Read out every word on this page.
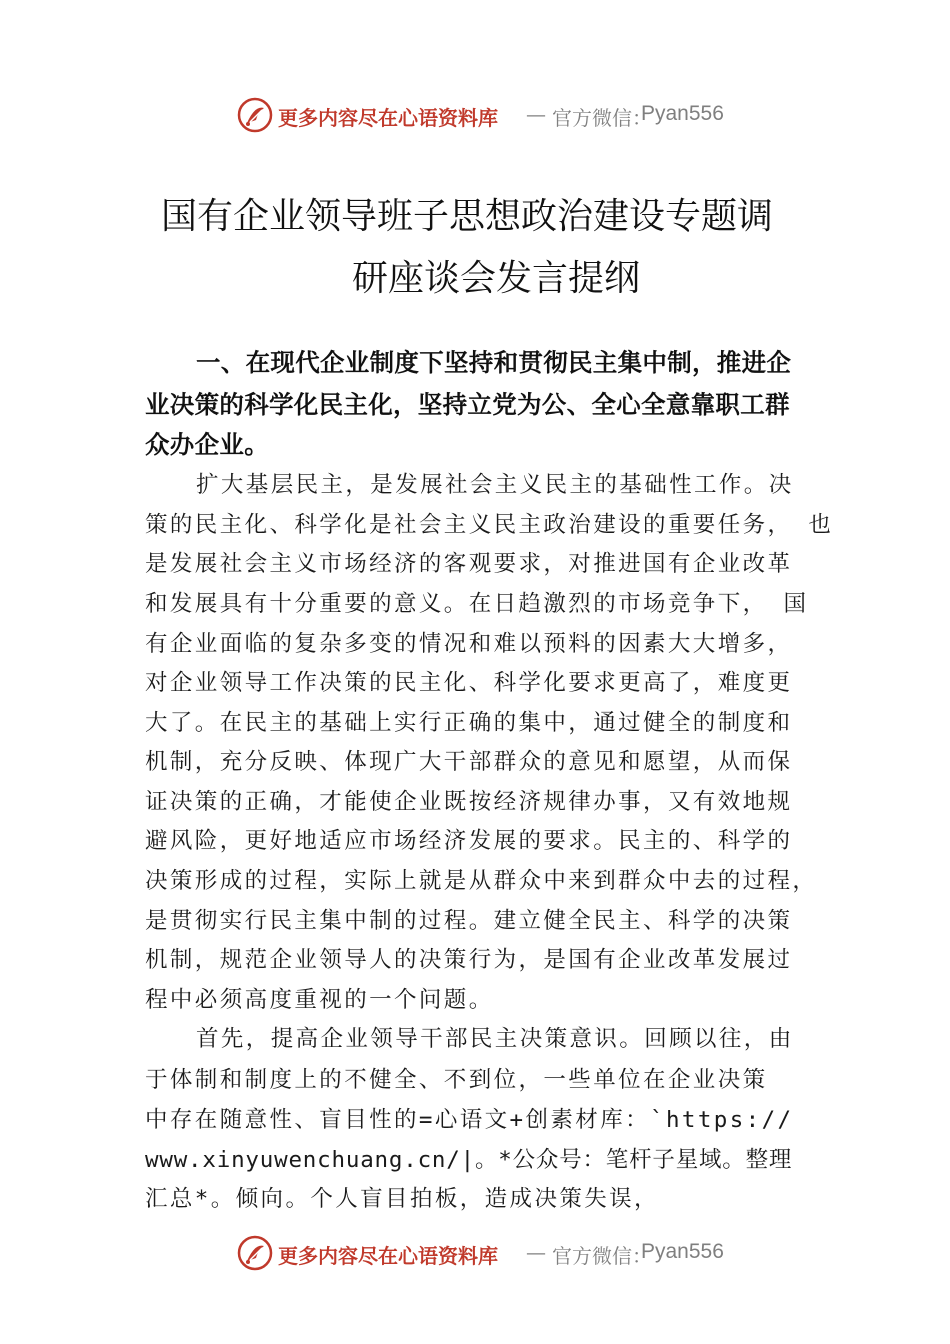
更多内容尽在心语资料库 — 官方微信：
Pyan556
国有企业领导班子思想政治建设专题调
研座谈会发言提纲
一、在现代企业制度下坚持和贯彻民主集中制，推进企
业决策的科学化民主化，坚持立党为公、全心全意靠职工群
众办企业。
扩大基层民主，是发展社会主义民主的基础性工作。决
策的民主化、科学化是社会主义民主政治建设的重要任务， 也
是发展社会主义市场经济的客观要求，对推进国有企业改革
和发展具有十分重要的意义。在日趋激烈的市场竞争下， 国
有企业面临的复杂多变的情况和难以预料的因素大大增多，
对企业领导工作决策的民主化、科学化要求更高了，难度更
大了。在民主的基础上实行正确的集中，通过健全的制度和
机制，充分反映、体现广大干部群众的意见和愿望，从而保
证决策的正确，才能使企业既按经济规律办事，又有效地规
避风险，更好地适应市场经济发展的要求。民主的、科学的
决策形成的过程，实际上就是从群众中来到群众中去的过程，
是贯彻实行民主集中制的过程。建立健全民主、科学的决策
机制，规范企业领导人的决策行为，是国有企业改革发展过
程中必须高度重视的一个问题。
首先，提高企业领导干部民主决策意识。回顾以往，由
于体制和制度上的不健全、不到位，一些单位在企业决策
中存在随意性、盲目性的=心语文+创素材库：`https://
www.xinyuwenchuang.cn/|。*公众号：笔杆子星域。整理
汇总*。倾向。个人盲目拍板，造成决策失误，
更多内容尽在心语资料库 — 官方微信：
Pyan556
